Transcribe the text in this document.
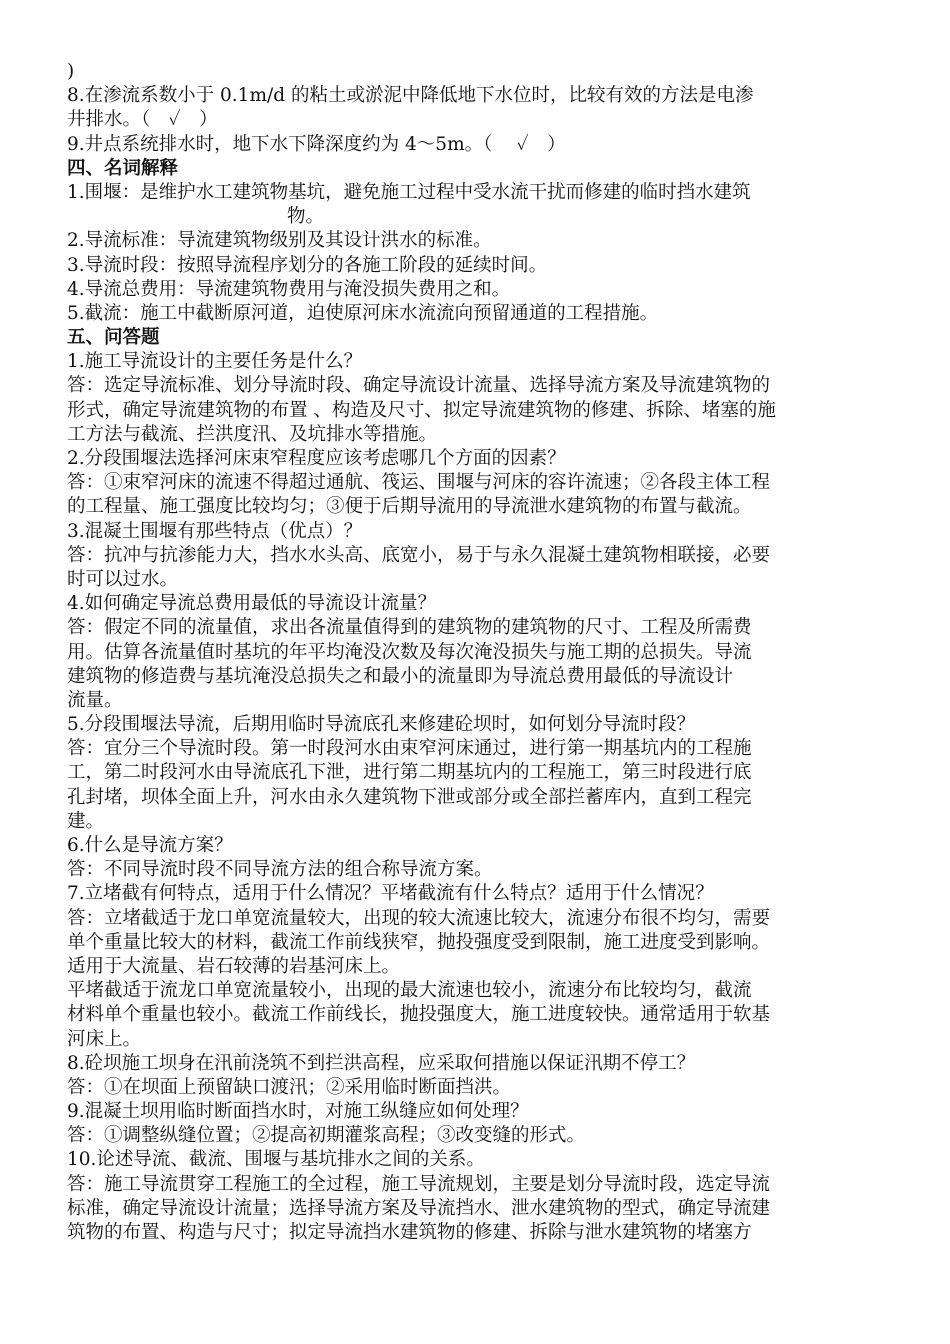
)
8.在渗流系数小于 0.1m/d 的粘土或淤泥中降低地下水位时，比较有效的方法是电渗
井排水。（　✓　）
9.井点系统排水时，地下水下降深度约为 4～5m。（　 ✓　）
四、名词解释
1.围堰：是维护水工建筑物基坑，避免施工过程中受水流干扰而修建的临时挡水建筑
物。
2.导流标准：导流建筑物级别及其设计洪水的标准。
3.导流时段：按照导流程序划分的各施工阶段的延续时间。
4.导流总费用：导流建筑物费用与淹没损失费用之和。
5.截流：施工中截断原河道，迫使原河床水流流向预留通道的工程措施。
五、问答题
1.施工导流设计的主要任务是什么？
答：选定导流标准、划分导流时段、确定导流设计流量、选择导流方案及导流建筑物的
形式，确定导流建筑物的布置 、构造及尺寸、拟定导流建筑物的修建、拆除、堵塞的施
工方法与截流、拦洪度汛、及坑排水等措施。
2.分段围堰法选择河床束窄程度应该考虑哪几个方面的因素？
答：①束窄河床的流速不得超过通航、筏运、围堰与河床的容许流速；②各段主体工程
的工程量、施工强度比较均匀；③便于后期导流用的导流泄水建筑物的布置与截流。
3.混凝土围堰有那些特点（优点）？
答：抗冲与抗渗能力大，挡水水头高、底宽小，易于与永久混凝土建筑物相联接，必要
时可以过水。
4.如何确定导流总费用最低的导流设计流量？
答：假定不同的流量值，求出各流量值得到的建筑物的建筑物的尺寸、工程及所需费
用。估算各流量值时基坑的年平均淹没次数及每次淹没损失与施工期的总损失。导流
建筑物的修造费与基坑淹没总损失之和最小的流量即为导流总费用最低的导流设计
流量。
5.分段围堰法导流，后期用临时导流底孔来修建砼坝时，如何划分导流时段？
答：宜分三个导流时段。第一时段河水由束窄河床通过，进行第一期基坑内的工程施
工，第二时段河水由导流底孔下泄，进行第二期基坑内的工程施工，第三时段进行底
孔封堵，坝体全面上升，河水由永久建筑物下泄或部分或全部拦蓄库内，直到工程完
建。
6.什么是导流方案？
答：不同导流时段不同导流方法的组合称导流方案。
7.立堵截有何特点，适用于什么情况？平堵截流有什么特点？适用于什么情况？
答：立堵截适于龙口单宽流量较大，出现的较大流速比较大，流速分布很不均匀，需要
单个重量比较大的材料，截流工作前线狭窄，抛投强度受到限制，施工进度受到影响。
适用于大流量、岩石较薄的岩基河床上。
平堵截适于流龙口单宽流量较小，出现的最大流速也较小，流速分布比较均匀，截流
材料单个重量也较小。截流工作前线长，抛投强度大，施工进度较快。通常适用于软基
河床上。
8.砼坝施工坝身在汛前浇筑不到拦洪高程，应采取何措施以保证汛期不停工？
答：①在坝面上预留缺口渡汛；②采用临时断面挡洪。
9.混凝土坝用临时断面挡水时，对施工纵缝应如何处理？
答：①调整纵缝位置；②提高初期灌浆高程；③改变缝的形式。
10.论述导流、截流、围堰与基坑排水之间的关系。
答：施工导流贯穿工程施工的全过程，施工导流规划，主要是划分导流时段，选定导流
标准，确定导流设计流量；选择导流方案及导流挡水、泄水建筑物的型式，确定导流建
筑物的布置、构造与尺寸；拟定导流挡水建筑物的修建、拆除与泄水建筑物的堵塞方
